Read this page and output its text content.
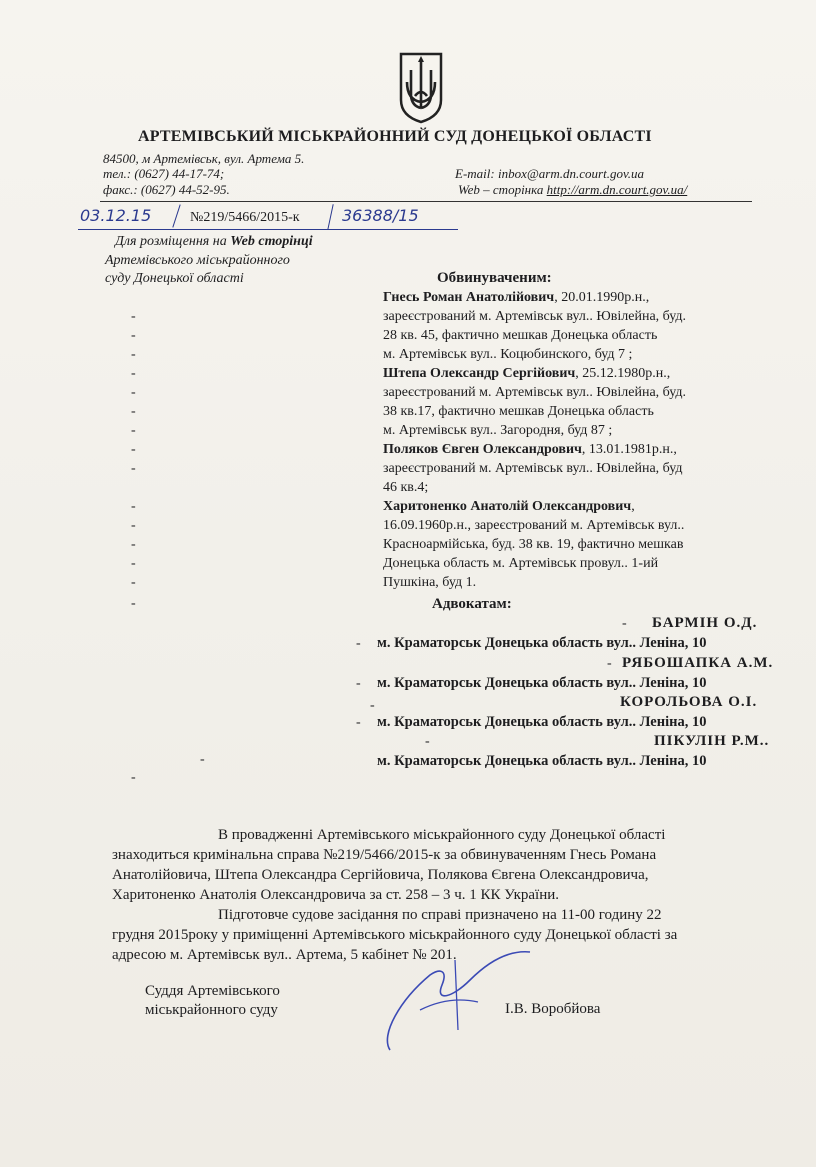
АРТЕМІВСЬКИЙ МІСЬКРАЙОННИЙ СУД ДОНЕЦЬКОЇ ОБЛАСТІ
84500, м Артемівськ, вул. Артема 5.
тел.: (0627) 44-17-74;	E-mail: inbox@arm.dn.court.gov.ua
факс.: (0627) 44-52-95.	Web – сторінка http://arm.dn.court.gov.ua/
03.12.15	№219/5466/2015-к	36388/15
Для розміщення на Web сторінці
Артемівського міськрайонного
суду Донецької області	Обвинуваченим:
Гнесь Роман Анатолійович, 20.01.1990р.н.,
зареєстрований м. Артемівськ вул.. Ювілейна, буд.
28 кв. 45, фактично мешкав Донецька область
м. Артемівськ вул.. Коцюбинского, буд 7 ;
Штепа Олександр Сергійович, 25.12.1980р.н.,
зареєстрований м. Артемівськ вул.. Ювілейна, буд.
38 кв.17, фактично мешкав Донецька область
м. Артемівськ вул.. Загородня, буд 87 ;
Поляков Євген Олександрович, 13.01.1981р.н.,
зареєстрований м. Артемівськ вул.. Ювілейна, буд
46 кв.4;
Харитоненко Анатолій Олександрович,
16.09.1960р.н., зареєстрований м. Артемівськ вул..
Красноармійська, буд. 38 кв. 19, фактично мешкав
Донецька область м. Артемівськ провул.. 1-ий
Пушкіна, буд 1.
-
-
-
-
-
-
-
-
-
-
-
-
-
-
-
-
-
Адвокатам:
- БАРМІН О.Д.
- м. Краматорськ Донецька область вул.. Леніна, 10
- РЯБОШАПКА А.М.
- м. Краматорськ Донецька область вул.. Леніна, 10
-	КОРОЛЬОВА О.І.
- м. Краматорськ Донецька область вул.. Леніна, 10
-	ПІКУЛІН Р.М..
м. Краматорськ Донецька область вул.. Леніна, 10
В провадженні Артемівського міськрайонного суду Донецької області
знаходиться кримінальна справа №219/5466/2015-к за обвинуваченням Гнесь Романа
Анатолійовича, Штепа Олександра Сергійовича, Полякова Євгена Олександровича,
Харитоненко Анатолія Олександровича за ст. 258 – 3 ч. 1 КК України.
Підготовче судове засідання по справі призначено на 11-00 годину 22
грудня 2015року у приміщенні Артемівського міськрайонного суду Донецької області за
адресою м. Артемівськ вул.. Артема, 5 кабінет № 201.
Суддя Артемівського
міськрайонного суду	І.В. Воробйова
